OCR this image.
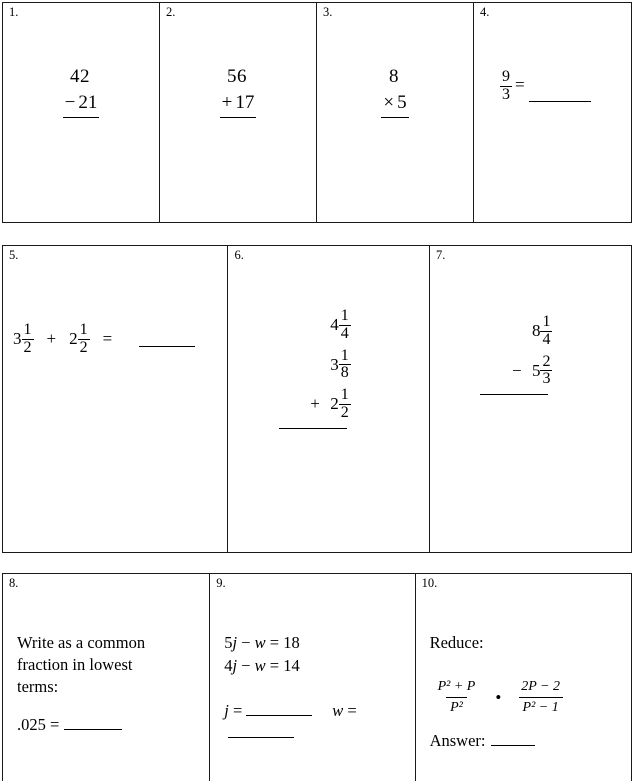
1.
42
− 21
2.
56
+ 17
3.
8
× 5
4.
$\frac{9}{3}$ =
5.
$3 \frac{1}{2} + 2 \frac{1}{2}$ =
6.
$4 \frac{1}{4}$
$3 \frac{1}{8}$
+ $2 \frac{1}{2}$
7.
$8 \frac{1}{4}$
− $5 \frac{2}{3}$
8.
Write as a common fraction in lowest terms:
.025 =
9.
5j − w = 18
4j − w = 14
j =	w =
10.
Reduce:
$\frac{\text{P² + P}}{\text{P²}}$ • $\frac{2P - 2}{\text{P² − 1}}$
Answer:
